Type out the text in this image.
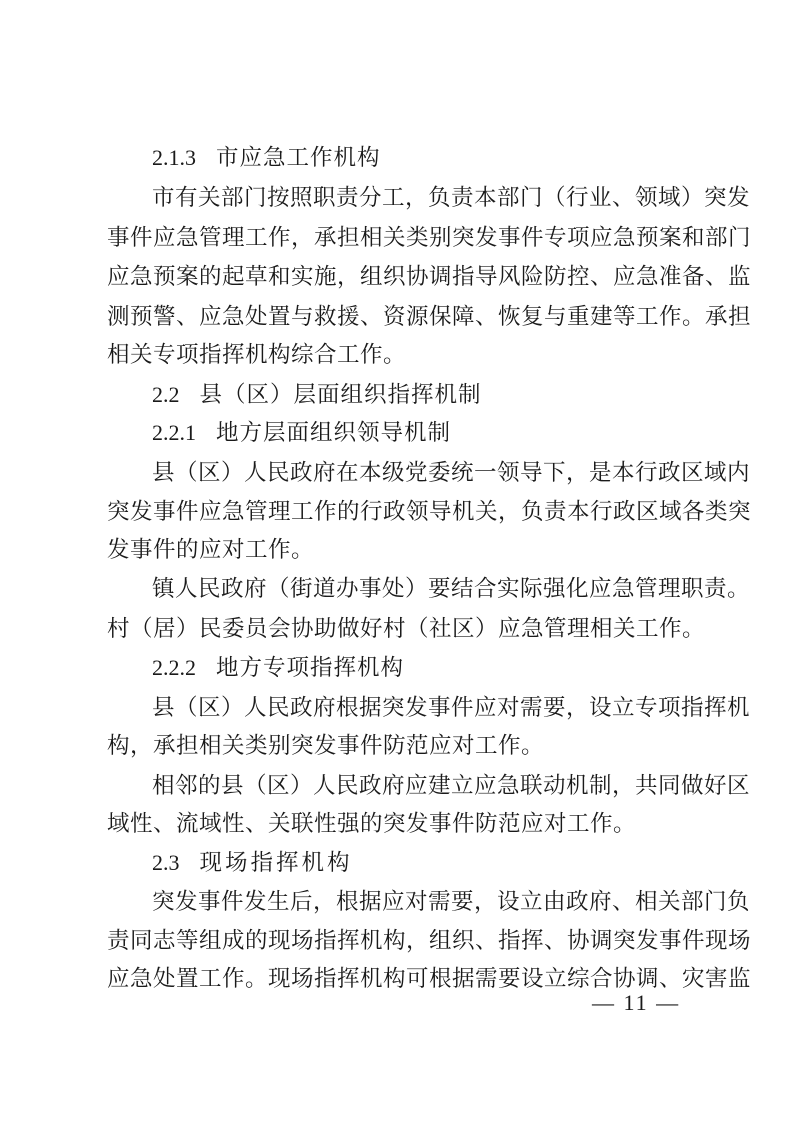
2.1.3 市应急工作机构
市有关部门按照职责分工，负责本部门（行业、领域）突发
事件应急管理工作，承担相关类别突发事件专项应急预案和部门
应急预案的起草和实施，组织协调指导风险防控、应急准备、监
测预警、应急处置与救援、资源保障、恢复与重建等工作。承担
相关专项指挥机构综合工作。
2.2 县（区）层面组织指挥机制
2.2.1 地方层面组织领导机制
县（区）人民政府在本级党委统一领导下，是本行政区域内
突发事件应急管理工作的行政领导机关，负责本行政区域各类突
发事件的应对工作。
镇人民政府（街道办事处）要结合实际强化应急管理职责。
村（居）民委员会协助做好村（社区）应急管理相关工作。
2.2.2 地方专项指挥机构
县（区）人民政府根据突发事件应对需要，设立专项指挥机
构，承担相关类别突发事件防范应对工作。
相邻的县（区）人民政府应建立应急联动机制，共同做好区
域性、流域性、关联性强的突发事件防范应对工作。
2.3 现场指挥机构
突发事件发生后，根据应对需要，设立由政府、相关部门负
责同志等组成的现场指挥机构，组织、指挥、协调突发事件现场
应急处置工作。现场指挥机构可根据需要设立综合协调、灾害监
— 11 —
